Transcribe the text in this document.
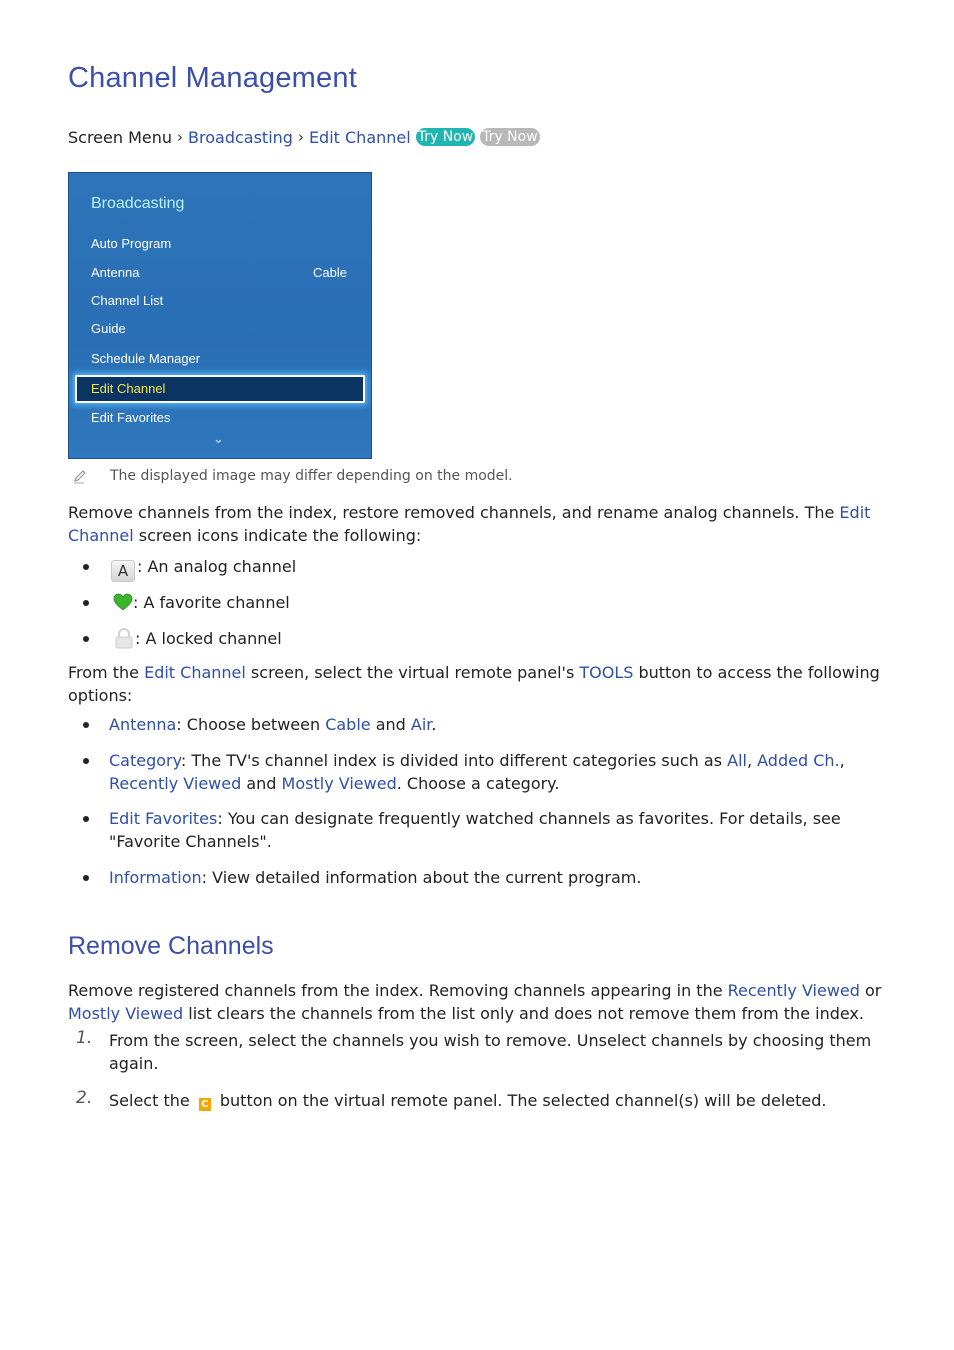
Channel Management
Screen Menu › Broadcasting › Edit Channel Try Now Try Now
Broadcasting
Auto Program
Antenna	Cable
Channel List
Guide
Schedule Manager
Edit Channel
Edit Favorites
⌄
The displayed image may differ depending on the model.
Remove channels from the index, restore removed channels, and rename analog channels. The Edit Channel screen icons indicate the following:
A : An analog channel
: A favorite channel
: A locked channel
From the Edit Channel screen, select the virtual remote panel's TOOLS button to access the following options:
Antenna: Choose between Cable and Air.
Category: The TV's channel index is divided into different categories such as All, Added Ch.,
Recently Viewed and Mostly Viewed. Choose a category.
Edit Favorites: You can designate frequently watched channels as favorites. For details, see "Favorite Channels".
Information: View detailed information about the current program.
Remove Channels
Remove registered channels from the index. Removing channels appearing in the Recently Viewed or
Mostly Viewed list clears the channels from the list only and does not remove them from the index.
1. From the screen, select the channels you wish to remove. Unselect channels by choosing them again.
2. Select the C button on the virtual remote panel. The selected channel(s) will be deleted.
